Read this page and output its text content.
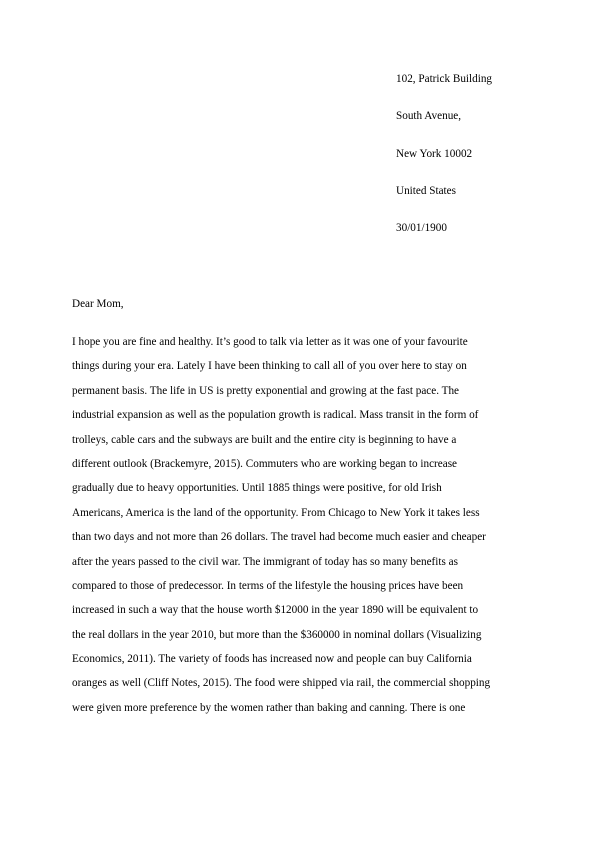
102, Patrick Building
South Avenue,
New York 10002
United States
30/01/1900
Dear Mom,
I hope you are fine and healthy. It’s good to talk via letter as it was one of your favourite
things during your era. Lately I have been thinking to call all of you over here to stay on
permanent basis. The life in US is pretty exponential and growing at the fast pace. The
industrial expansion as well as the population growth is radical. Mass transit in the form of
trolleys, cable cars and the subways are built and the entire city is beginning to have a
different outlook (Brackemyre, 2015). Commuters who are working began to increase
gradually due to heavy opportunities. Until 1885 things were positive, for old Irish
Americans, America is the land of the opportunity. From Chicago to New York it takes less
than two days and not more than 26 dollars. The travel had become much easier and cheaper
after the years passed to the civil war. The immigrant of today has so many benefits as
compared to those of predecessor. In terms of the lifestyle the housing prices have been
increased in such a way that the house worth $12000 in the year 1890 will be equivalent to
the real dollars in the year 2010, but more than the $360000 in nominal dollars (Visualizing
Economics, 2011). The variety of foods has increased now and people can buy California
oranges as well (Cliff Notes, 2015). The food were shipped via rail, the commercial shopping
were given more preference by the women rather than baking and canning. There is one
